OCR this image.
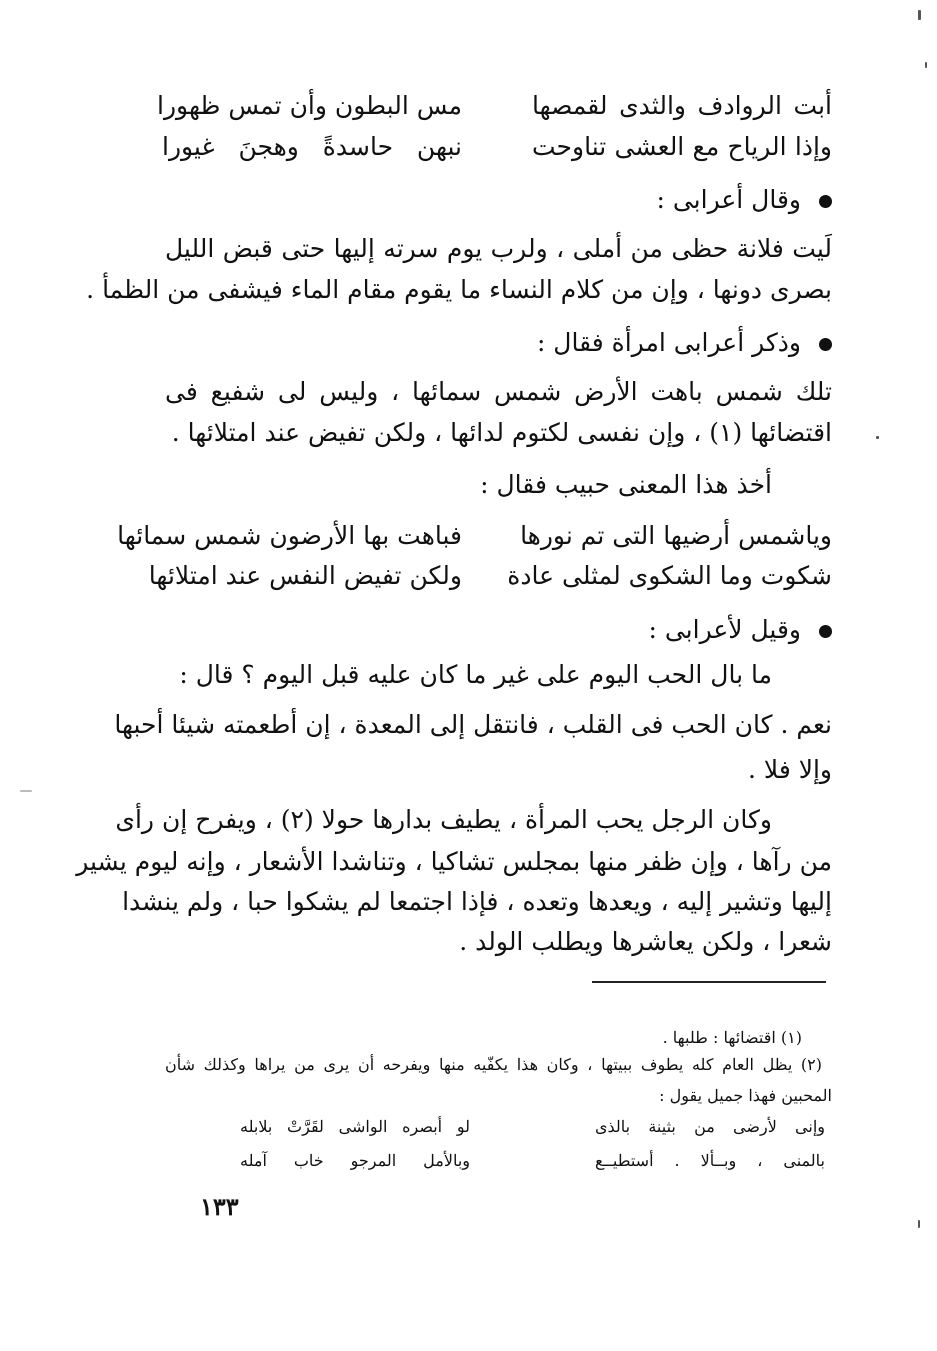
أبت الروادف والثدى لقمصها
مس البطون وأن تمس ظهورا
وإذا الرياح مع العشى تناوحت
نبهن حاسدةً وهجنَ غيورا
وقال أعرابى :
لَيت فلانة حظى من أملى ، ولرب يوم سرته إليها حتى قبض الليل
بصرى دونها ، وإن من كلام النساء ما يقوم مقام الماء فيشفى من الظمأ .
وذكر أعرابى امرأة فقال :
تلك شمس باهت الأرض شمس سمائها ، وليس لى شفيع فى
اقتضائها (١) ، وإن نفسى لكتوم لدائها ، ولكن تفيض عند امتلائها .
أخذ هذا المعنى حبيب فقال :
وياشمس أرضيها التى تم نورها
فباهت بها الأرضون شمس سمائها
شكوت وما الشكوى لمثلى عادة
ولكن تفيض النفس عند امتلائها
وقيل لأعرابى :
ما بال الحب اليوم على غير ما كان عليه قبل اليوم ؟ قال :
نعم . كان الحب فى القلب ، فانتقل إلى المعدة ، إن أطعمته شيئا أحبها
وإلا فلا .
وكان الرجل يحب المرأة ، يطيف بدارها حولا (٢) ، ويفرح إن رأى
من رآها ، وإن ظفر منها بمجلس تشاكيا ، وتناشدا الأشعار ، وإنه ليوم يشير
إليها وتشير إليه ، ويعدها وتعده ، فإذا اجتمعا لم يشكوا حبا ، ولم ينشدا
شعرا ، ولكن يعاشرها ويطلب الولد .
(١) اقتضائها : طلبها .
(٢) يظل العام كله يطوف ببيتها ، وكان هذا يكفّيه منها ويفرحه أن يرى من يراها وكذلك شأن
المحبين فهذا جميل يقول :
وإنى لأرضى من بثينة بالذى
لو أبصره الواشى لقَرَّتْ بلابله
بالمنى ، وبــألا . أستطيــع
وبالأمل المرجو خاب آمله
١٣٣
